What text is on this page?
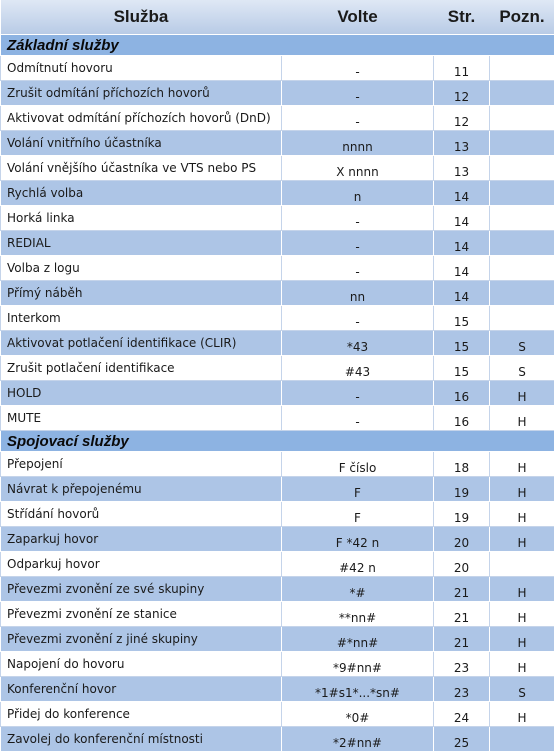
Služba	Volte	Str.	Pozn.
Základní služby			
Odmítnutí hovoru	-	11	
Zrušit odmítání příchozích hovorů	-	12	
Aktivovat odmítání příchozích hovorů (DnD)	-	12	
Volání vnitřního účastníka	nnnn	13	
Volání vnějšího účastníka ve VTS nebo PS	X nnnn	13	
Rychlá volba	n	14	
Horká linka	-	14	
REDIAL	-	14	
Volba z logu	-	14	
Přímý náběh	nn	14	
Interkom	-	15	
Aktivovat potlačení identifikace (CLIR)	*43	15	S
Zrušit potlačení identifikace	#43	15	S
HOLD	-	16	H
MUTE	-	16	H
Spojovací služby			
Přepojení	F číslo	18	H
Návrat k přepojenému	F	19	H
Střídání hovorů	F	19	H
Zaparkuj hovor	F *42 n	20	H
Odparkuj hovor	#42 n	20	
Převezmi zvonění ze své skupiny	*#	21	H
Převezmi zvonění ze stanice	**nn#	21	H
Převezmi zvonění z jiné skupiny	#*nn#	21	H
Napojení do hovoru	*9#nn#	23	H
Konferenční hovor	*1#s1*...*sn#	23	S
Přidej do konference	*0#	24	H
Zavolej do konferenční místnosti	*2#nn#	25	
